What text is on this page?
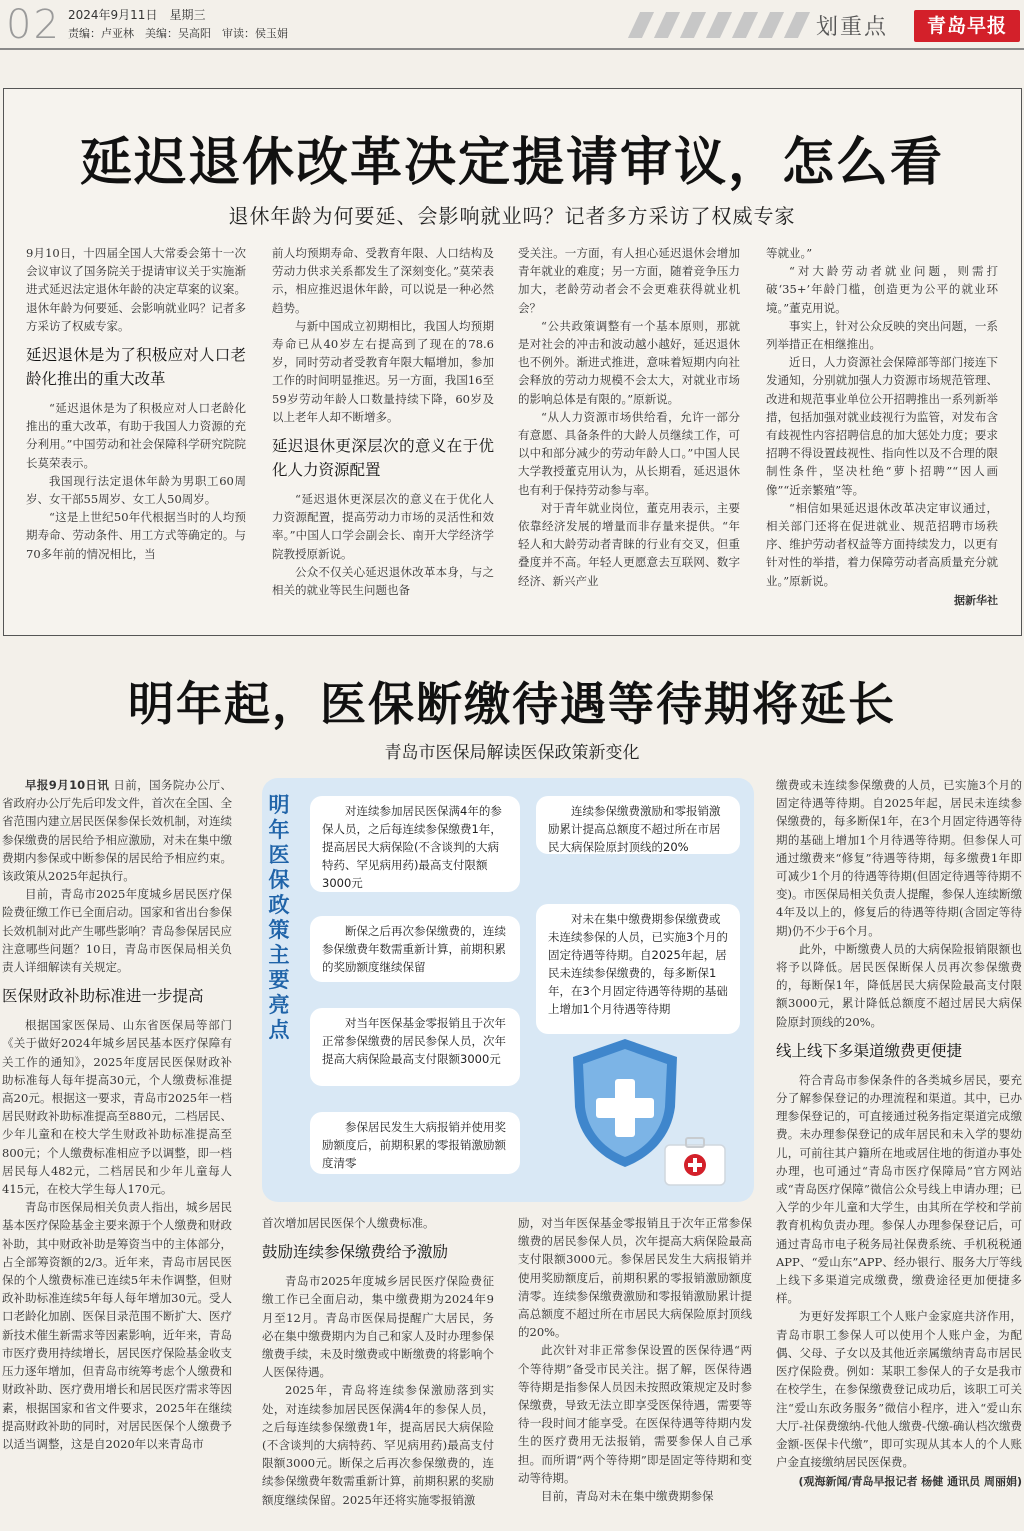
02 2024年9月11日　星期三
责编：卢亚林　美编：吴高阳　审读：侯玉娟	划重点	青岛早报
延迟退休改革决定提请审议，怎么看
退休年龄为何要延、会影响就业吗？记者多方采访了权威专家

9月10日，十四届全国人大常委会第十一次会议审议了国务院关于提请审议关于实施渐进式延迟法定退休年龄的决定草案的议案。退休年龄为何要延、会影响就业吗？记者多方采访了权威专家。

延迟退休是为了积极应对人口老龄化推出的重大改革

“延迟退休是为了积极应对人口老龄化推出的重大改革，有助于我国人力资源的充分利用。”中国劳动和社会保障科学研究院院长莫荣表示。

我国现行法定退休年龄为男职工60周岁、女干部55周岁、女工人50周岁。

“这是上世纪50年代根据当时的人均预期寿命、劳动条件、用工方式等确定的。与70多年前的情况相比，当

前人均预期寿命、受教育年限、人口结构及劳动力供求关系都发生了深刻变化。”莫荣表示，相应推迟退休年龄，可以说是一种必然趋势。

与新中国成立初期相比，我国人均预期寿命已从40岁左右提高到了现在的78.6岁，同时劳动者受教育年限大幅增加，参加工作的时间明显推迟。另一方面，我国16至59岁劳动年龄人口数量持续下降，60岁及以上老年人却不断增多。

延迟退休更深层次的意义在于优化人力资源配置

“延迟退休更深层次的意义在于优化人力资源配置，提高劳动力市场的灵活性和效率。”中国人口学会副会长、南开大学经济学院教授原新说。

公众不仅关心延迟退休改革本身，与之相关的就业等民生问题也备

受关注。一方面，有人担心延迟退休会增加青年就业的难度；另一方面，随着竞争压力加大，老龄劳动者会不会更难获得就业机会？

“公共政策调整有一个基本原则，那就是对社会的冲击和波动越小越好，延迟退休也不例外。渐进式推进，意味着短期内向社会释放的劳动力规模不会太大，对就业市场的影响总体是有限的。”原新说。

“从人力资源市场供给看，允许一部分有意愿、具备条件的大龄人员继续工作，可以中和部分减少的劳动年龄人口。”中国人民大学教授董克用认为，从长期看，延迟退休也有利于保持劳动参与率。

对于青年就业岗位，董克用表示，主要依靠经济发展的增量而非存量来提供。“年轻人和大龄劳动者青睐的行业有交叉，但重叠度并不高。年轻人更愿意去互联网、数字经济、新兴产业

等就业。”

“对大龄劳动者就业问题，则需打破‘35+’年龄门槛，创造更为公平的就业环境。”董克用说。

事实上，针对公众反映的突出问题，一系列举措正在相继推出。

近日，人力资源社会保障部等部门接连下发通知，分别就加强人力资源市场规范管理、改进和规范事业单位公开招聘推出一系列新举措，包括加强对就业歧视行为监管，对发布含有歧视性内容招聘信息的加大惩处力度；要求招聘不得设置歧视性、指向性以及不合理的限制性条件，坚决杜绝“萝卜招聘”“因人画像”“近亲繁殖”等。

“相信如果延迟退休改革决定审议通过，相关部门还将在促进就业、规范招聘市场秩序、维护劳动者权益等方面持续发力，以更有针对性的举措，着力保障劳动者高质量充分就业。”原新说。

据新华社

明年起，医保断缴待遇等待期将延长
青岛市医保局解读医保政策新变化

早报9月10日讯 日前，国务院办公厅、省政府办公厅先后印发文件，首次在全国、全省范围内建立居民医保参保长效机制，对连续参保缴费的居民给予相应激励，对未在集中缴费期内参保或中断参保的居民给予相应约束。该政策从2025年起执行。

目前，青岛市2025年度城乡居民医疗保险费征缴工作已全面启动。国家和省出台参保长效机制对此产生哪些影响？青岛参保居民应注意哪些问题？10日，青岛市医保局相关负责人详细解读有关规定。

医保财政补助标准进一步提高

根据国家医保局、山东省医保局等部门《关于做好2024年城乡居民基本医疗保障有关工作的通知》，2025年度居民医保财政补助标准每人每年提高30元，个人缴费标准提高20元。根据这一要求，青岛市2025年一档居民财政补助标准提高至880元，二档居民、少年儿童和在校大学生财政补助标准提高至800元；个人缴费标准相应予以调整，即一档居民每人482元，二档居民和少年儿童每人415元，在校大学生每人170元。

青岛市医保局相关负责人指出，城乡居民基本医疗保险基金主要来源于个人缴费和财政补助，其中财政补助是筹资当中的主体部分，占全部筹资额的2/3。近年来，青岛市居民医保的个人缴费标准已连续5年未作调整，但财政补助标准连续5年每人每年增加30元。受人口老龄化加剧、医保目录范围不断扩大、医疗新技术催生新需求等因素影响，近年来，青岛市医疗费用持续增长，居民医疗保险基金收支压力逐年增加，但青岛市统筹考虑个人缴费和财政补助、医疗费用增长和居民医疗需求等因素，根据国家和省文件要求，2025年在继续提高财政补助的同时，对居民医保个人缴费予以适当调整，这是自2020年以来青岛市

明年医保政策主要亮点
对连续参加居民医保满4年的参保人员，之后每连续参保缴费1年，提高居民大病保险(不含谈判的大病特药、罕见病用药)最高支付限额3000元
连续参保缴费激励和零报销激励累计提高总额度不超过所在市居民大病保险原封顶线的20%
断保之后再次参保缴费的，连续参保缴费年数需重新计算，前期积累的奖励额度继续保留
对未在集中缴费期参保缴费或未连续参保的人员，已实施3个月的固定待遇等待期。自2025年起，居民未连续参保缴费的，每多断保1年，在3个月固定待遇等待期的基础上增加1个月待遇等待期
对当年医保基金零报销且于次年正常参保缴费的居民参保人员，次年提高大病保险最高支付限额3000元
参保居民发生大病报销并使用奖励额度后，前期积累的零报销激励额度清零

首次增加居民医保个人缴费标准。

鼓励连续参保缴费给予激励

青岛市2025年度城乡居民医疗保险费征缴工作已全面启动，集中缴费期为2024年9月至12月。青岛市医保局提醒广大居民，务必在集中缴费期内为自己和家人及时办理参保缴费手续，未及时缴费或中断缴费的将影响个人医保待遇。

2025年，青岛将连续参保激励落到实处，对连续参加居民医保满4年的参保人员，之后每连续参保缴费1年，提高居民大病保险(不含谈判的大病特药、罕见病用药)最高支付限额3000元。断保之后再次参保缴费的，连续参保缴费年数需重新计算，前期积累的奖励额度继续保留。2025年还将实施零报销激

励，对当年医保基金零报销且于次年正常参保缴费的居民参保人员，次年提高大病保险最高支付限额3000元。参保居民发生大病报销并使用奖励额度后，前期积累的零报销激励额度清零。连续参保缴费激励和零报销激励累计提高总额度不超过所在市居民大病保险原封顶线的20%。

此次针对非正常参保设置的医保待遇“两个等待期”备受市民关注。据了解，医保待遇等待期是指参保人员因未按照政策规定及时参保缴费，导致无法立即享受医保待遇，需要等待一段时间才能享受。在医保待遇等待期内发生的医疗费用无法报销，需要参保人自己承担。而所谓“两个等待期”即是固定等待期和变动等待期。

目前，青岛对未在集中缴费期参保

缴费或未连续参保缴费的人员，已实施3个月的固定待遇等待期。自2025年起，居民未连续参保缴费的，每多断保1年，在3个月固定待遇等待期的基础上增加1个月待遇等待期。但参保人可通过缴费来“修复”待遇等待期，每多缴费1年即可减少1个月的待遇等待期(但固定待遇等待期不变)。市医保局相关负责人提醒，参保人连续断缴4年及以上的，修复后的待遇等待期(含固定等待期)仍不少于6个月。

此外，中断缴费人员的大病保险报销限额也将予以降低。居民医保断保人员再次参保缴费的，每断保1年，降低居民大病保险最高支付限额3000元，累计降低总额度不超过居民大病保险原封顶线的20%。

线上线下多渠道缴费更便捷

符合青岛市参保条件的各类城乡居民，要充分了解参保登记的办理流程和渠道。其中，已办理参保登记的，可直接通过税务指定渠道完成缴费。未办理参保登记的成年居民和未入学的婴幼儿，可前往其户籍所在地或居住地的街道办事处办理，也可通过“青岛市医疗保障局”官方网站或“青岛医疗保障”微信公众号线上申请办理；已入学的少年儿童和大学生，由其所在学校和学前教育机构负责办理。参保人办理参保登记后，可通过青岛市电子税务局社保费系统、手机税税通APP、“爱山东”APP、经办银行、服务大厅等线上线下多渠道完成缴费，缴费途径更加便捷多样。

为更好发挥职工个人账户金家庭共济作用，青岛市职工参保人可以使用个人账户金，为配偶、父母、子女以及其他近亲属缴纳青岛市居民医疗保险费。例如：某职工参保人的子女是我市在校学生，在参保缴费登记成功后，该职工可关注“爱山东政务服务”微信小程序，进入“爱山东大厅-社保费缴纳-代他人缴费-代缴-确认档次缴费金额-医保卡代缴”，即可实现从其本人的个人账户金直接缴纳居民医保费。

(观海新闻/青岛早报记者 杨健 通讯员 周丽娟)
